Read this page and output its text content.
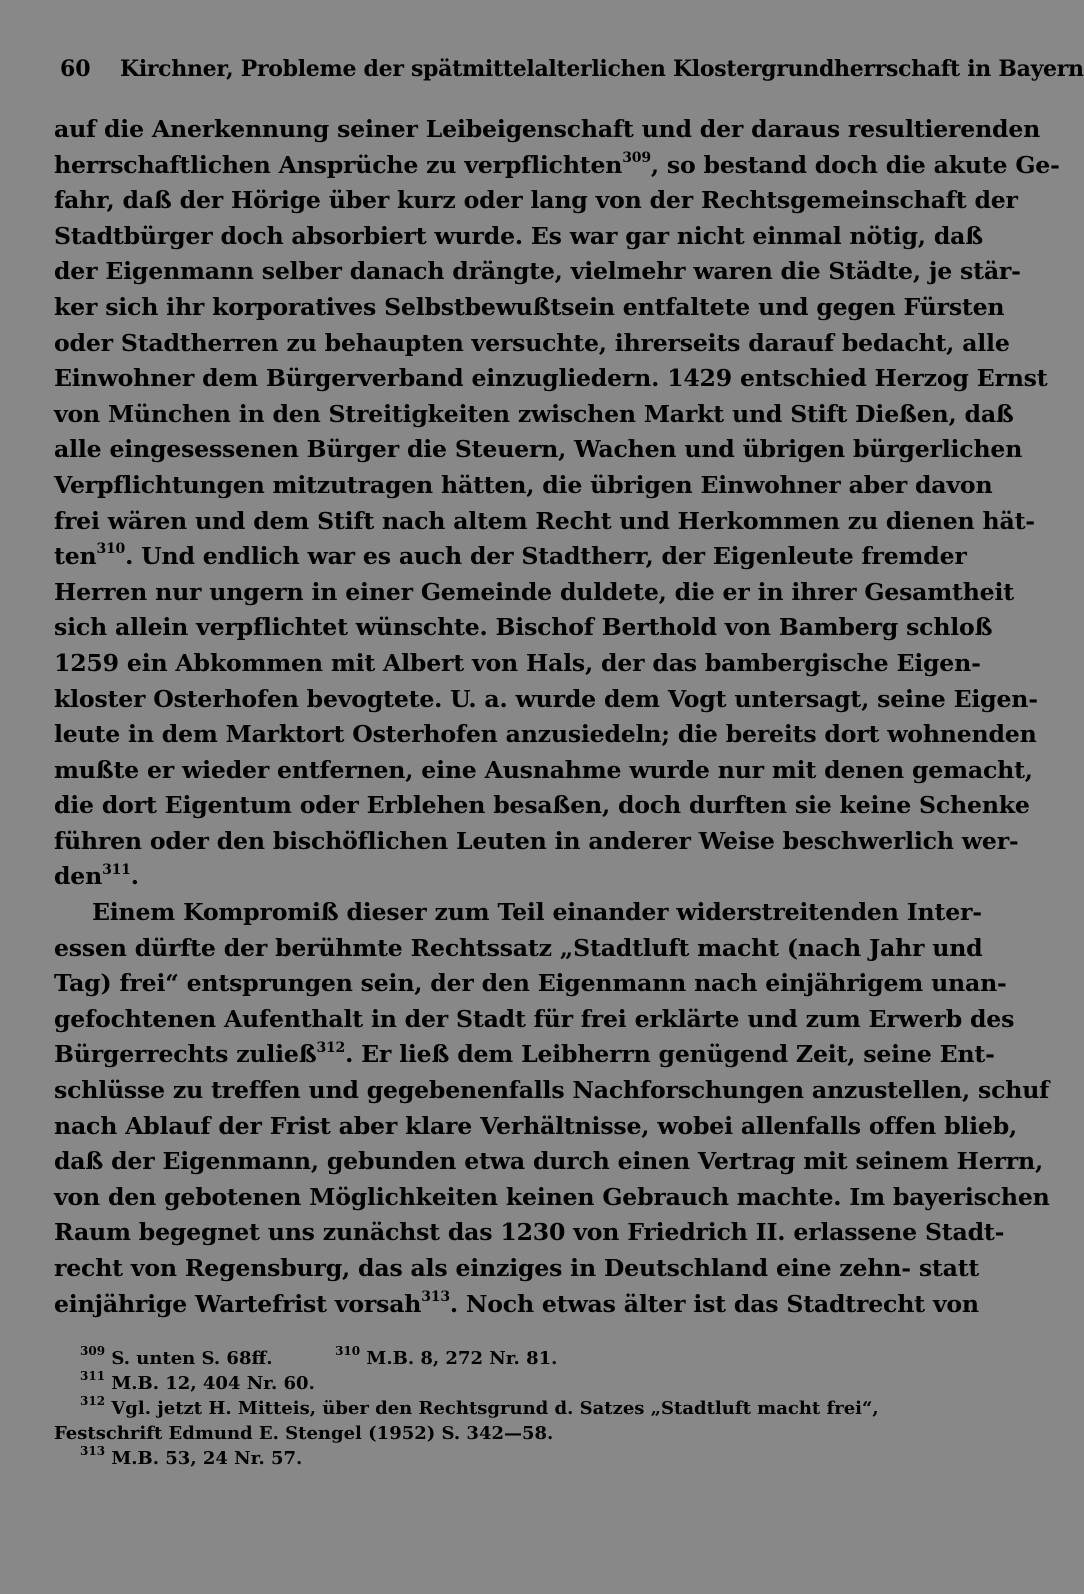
60 Kirchner, Probleme der spätmittelalterlichen Klostergrundherrschaft in Bayern
auf die Anerkennung seiner Leibeigenschaft und der daraus resultierenden
herrschaftlichen Ansprüche zu verpflichten$^{309}$, so bestand doch die akute Ge-
fahr, daß der Hörige über kurz oder lang von der Rechtsgemeinschaft der
Stadtbürger doch absorbiert wurde. Es war gar nicht einmal nötig, daß
der Eigenmann selber danach drängte, vielmehr waren die Städte, je stär-
ker sich ihr korporatives Selbstbewußtsein entfaltete und gegen Fürsten
oder Stadtherren zu behaupten versuchte, ihrerseits darauf bedacht, alle
Einwohner dem Bürgerverband einzugliedern. 1429 entschied Herzog Ernst
von München in den Streitigkeiten zwischen Markt und Stift Dießen, daß
alle eingesessenen Bürger die Steuern, Wachen und übrigen bürgerlichen
Verpflichtungen mitzutragen hätten, die übrigen Einwohner aber davon
frei wären und dem Stift nach altem Recht und Herkommen zu dienen hät-
ten$^{310}$. Und endlich war es auch der Stadtherr, der Eigenleute fremder
Herren nur ungern in einer Gemeinde duldete, die er in ihrer Gesamtheit
sich allein verpflichtet wünschte. Bischof Berthold von Bamberg schloß
1259 ein Abkommen mit Albert von Hals, der das bambergische Eigen-
kloster Osterhofen bevogtete. U. a. wurde dem Vogt untersagt, seine Eigen-
leute in dem Marktort Osterhofen anzusiedeln; die bereits dort wohnenden
mußte er wieder entfernen, eine Ausnahme wurde nur mit denen gemacht,
die dort Eigentum oder Erblehen besaßen, doch durften sie keine Schenke
führen oder den bischöflichen Leuten in anderer Weise beschwerlich wer-
den$^{311}$.
Einem Kompromiß dieser zum Teil einander widerstreitenden Inter-
essen dürfte der berühmte Rechtssatz „Stadtluft macht (nach Jahr und
Tag) frei“ entsprungen sein, der den Eigenmann nach einjährigem unan-
gefochtenen Aufenthalt in der Stadt für frei erklärte und zum Erwerb des
Bürgerrechts zuließ$^{312}$. Er ließ dem Leibherrn genügend Zeit, seine Ent-
schlüsse zu treffen und gegebenenfalls Nachforschungen anzustellen, schuf
nach Ablauf der Frist aber klare Verhältnisse, wobei allenfalls offen blieb,
daß der Eigenmann, gebunden etwa durch einen Vertrag mit seinem Herrn,
von den gebotenen Möglichkeiten keinen Gebrauch machte. Im bayerischen
Raum begegnet uns zunächst das 1230 von Friedrich II. erlassene Stadt-
recht von Regensburg, das als einziges in Deutschland eine zehn- statt
einjährige Wartefrist vorsah$^{313}$. Noch etwas älter ist das Stadtrecht von
$^{309}$ S. unten S. 68ff.	$^{310}$ M.B. 8, 272 Nr. 81.
$^{311}$ M.B. 12, 404 Nr. 60.
$^{312}$ Vgl. jetzt H. Mitteis, über den Rechtsgrund d. Satzes „Stadtluft macht frei“,
Festschrift Edmund E. Stengel (1952) S. 342—58.
$^{313}$ M.B. 53, 24 Nr. 57.
